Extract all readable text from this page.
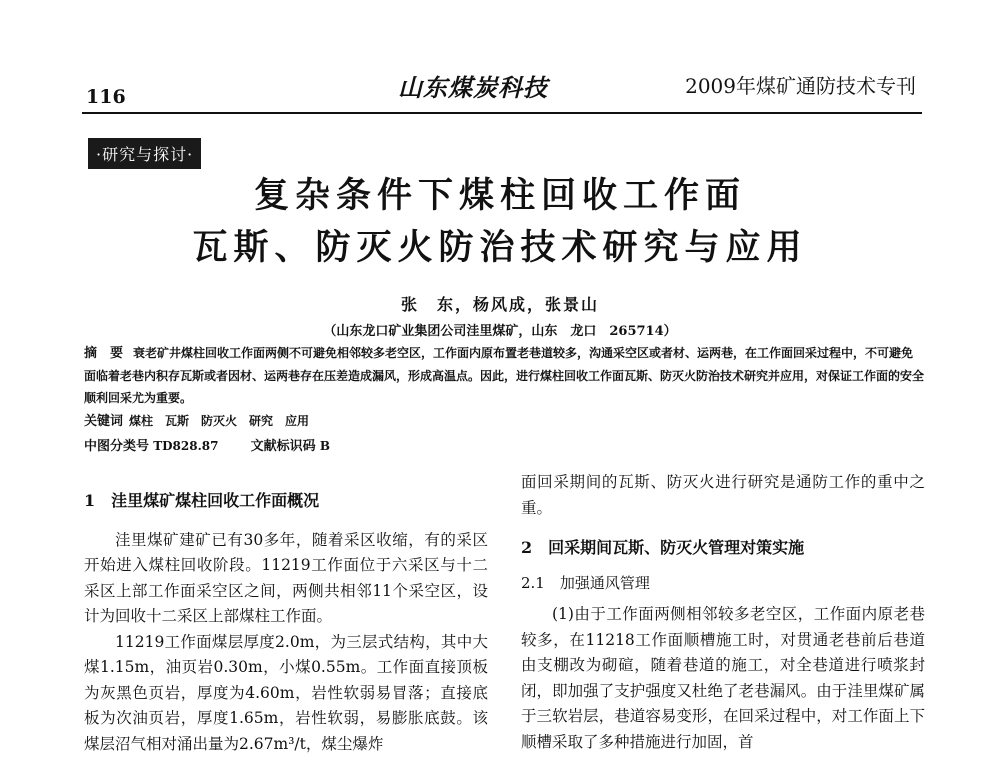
116	山东煤炭科技	2009年煤矿通防技术专刊
·研究与探讨·
复杂条件下煤柱回收工作面
瓦斯、防灭火防治技术研究与应用
张　东，杨风成，张景山
（山东龙口矿业集团公司洼里煤矿，山东　龙口　265714）
摘　要 衰老矿井煤柱回收工作面两侧不可避免相邻较多老空区，工作面内原布置老巷道较多，沟通采空区或者材、运两巷，在工作面回采过程中，不可避免面临着老巷内积存瓦斯或者因材、运两巷存在压差造成漏风，形成高温点。因此，进行煤柱回收工作面瓦斯、防灭火防治技术研究并应用，对保证工作面的安全顺利回采尤为重要。
关键词 煤柱　瓦斯　防灭火　研究　应用
中图分类号 TD828.87 文献标识码 B

1　洼里煤矿煤柱回收工作面概况

洼里煤矿建矿已有30多年，随着采区收缩，有的采区开始进入煤柱回收阶段。11219工作面位于六采区与十二采区上部工作面采空区之间，两侧共相邻11个采空区，设计为回收十二采区上部煤柱工作面。

11219工作面煤层厚度2.0m，为三层式结构，其中大煤1.15m，油页岩0.30m，小煤0.55m。工作面直接顶板为灰黑色页岩，厚度为4.60m，岩性软弱易冒落；直接底板为次油页岩，厚度1.65m，岩性软弱，易膨胀底鼓。该煤层沼气相对涌出量为2.67m³/t，煤尘爆炸

面回采期间的瓦斯、防灭火进行研究是通防工作的重中之重。

2　回采期间瓦斯、防灭火管理对策实施

2.1　加强通风管理

(1)由于工作面两侧相邻较多老空区，工作面内原老巷较多，在11218工作面顺槽施工时，对贯通老巷前后巷道由支棚改为砌碹，随着巷道的施工，对全巷道进行喷浆封闭，即加强了支护强度又杜绝了老巷漏风。由于洼里煤矿属于三软岩层，巷道容易变形，在回采过程中，对工作面上下顺槽采取了多种措施进行加固，首
